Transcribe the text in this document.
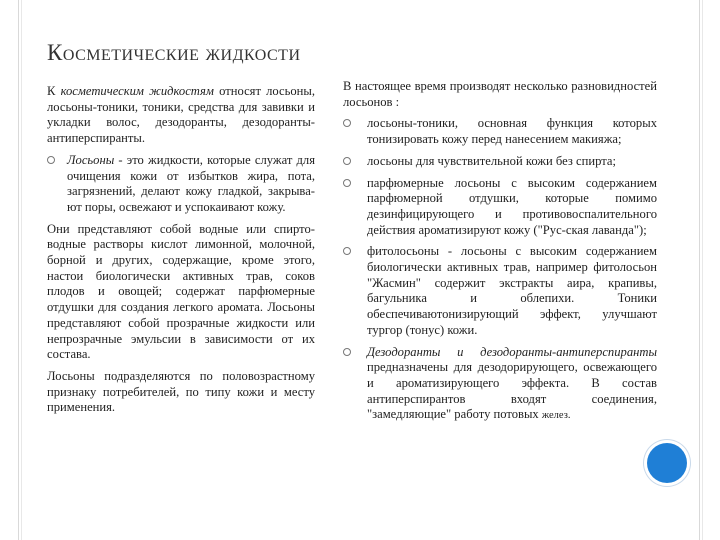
Косметические жидкости

К косметическим жидкостям относят лосьоны, лосьоны-тоники, тоники, средства для завивки и укладки волос, дезодоранты, дезодоранты-антиперспиранты.

Лосьоны - это жидкости, которые служат для очищения кожи от избытков жира, пота, загрязнений, делают кожу гладкой, закрыва-ют поры, освежают и успокаивают кожу.

Они представляют собой водные или спирто-водные растворы кислот лимонной, молочной, борной и других, содержащие, кроме этого, настои биологически активных трав, соков плодов и овощей; содержат парфюмерные отдушки для создания легкого аромата. Лосьоны представляют собой прозрачные жидкости или непрозрачные эмульсии в зависимости от их состава.

Лосьоны подразделяются по половозрастному признаку потребителей, по типу кожи и месту применения.

В настоящее время производят несколько разновидностей лосьонов :

лосьоны-тоники, основная функция которых тонизировать кожу перед нанесением макияжа;
лосьоны для чувствительной кожи без спирта;
парфюмерные лосьоны с высоким содержанием парфюмерной отдушки, которые помимо дезинфицирующего и противовоспалительного действия ароматизируют кожу ("Рус-ская лаванда");
фитолосьоны - лосьоны с высоким содержанием биологически активных трав, например фитолосьон "Жасмин" содержит экстракты аира, крапивы, багульника и облепихи. Тоники обеспечиваютонизирующий эффект, улучшают тургор (тонус) кожи.
Дезодоранты и дезодоранты-антиперспиранты предназначены для дезодорирующего, освежающего и ароматизирующего эффекта. В состав антиперспирантов входят соединения, "замедляющие" работу потовых желез.
